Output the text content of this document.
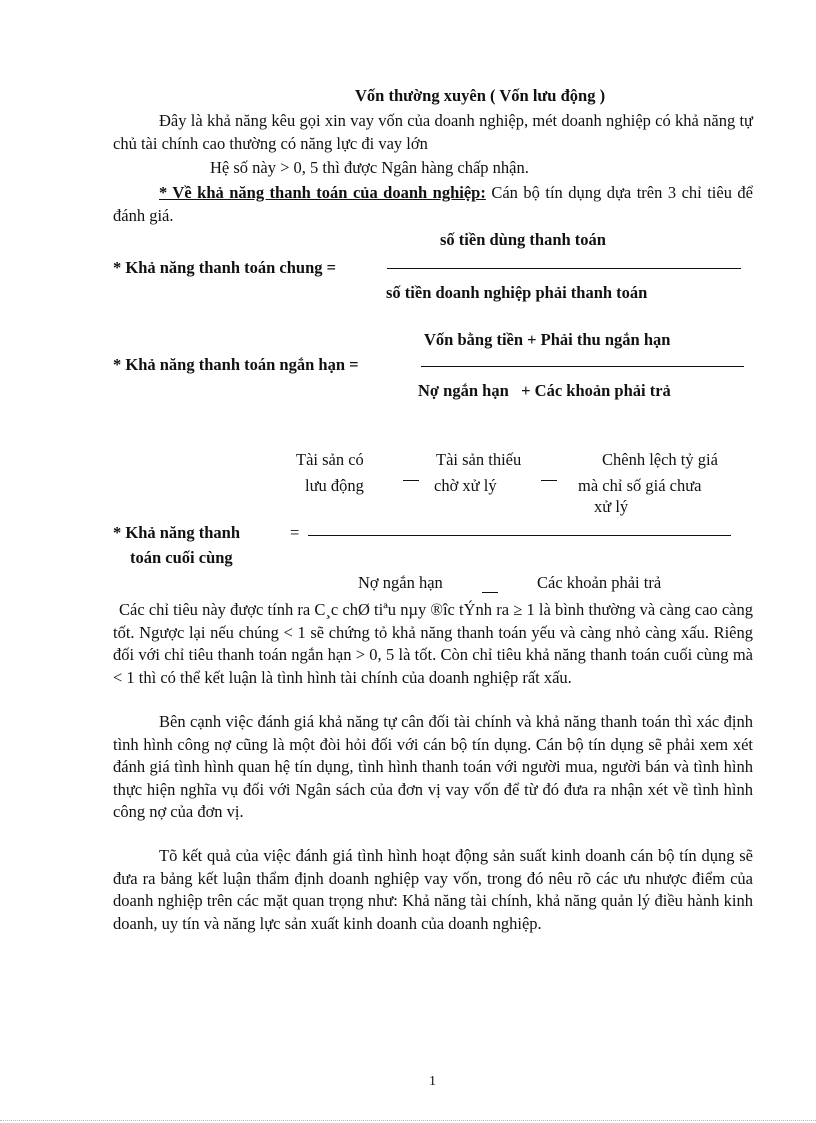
Vốn thường xuyên ( Vốn lưu động )
Đây là khả năng kêu gọi xin vay vốn của doanh nghiệp, mét doanh nghiệp có khả năng tự chủ tài chính cao thường có năng lực đi vay lớn
Hệ số này > 0, 5 thì được Ngân hàng chấp nhận.
* Về khả năng thanh toán của doanh nghiệp: Cán bộ tín dụng dựa trên 3 chỉ tiêu để đánh giá.
số tiền dùng thanh toán
* Khả năng thanh toán chung =
số tiền doanh nghiệp phải thanh toán
Vốn bằng tiền + Phải thu ngắn hạn
* Khả năng thanh toán ngắn hạn =
Nợ ngắn hạn   + Các khoản phải trả
Tài sản có
lưu động
Tài sản thiếu
chờ xử lý
Chênh lệch tỷ giá
mà chỉ số giá chưa
xử lý
* Khả năng thanh	=
toán cuối cùng
Nợ ngắn hạn	Các khoản phải trả
Các chỉ tiêu này được tính ra C¸c chØ tiªu nµy ®îc tÝnh ra ≥ 1 là bình thường và càng cao càng tốt. Ngược lại nếu chúng < 1 sẽ chứng tỏ khả năng thanh toán yếu và càng nhỏ càng xấu. Riêng đối với chỉ tiêu thanh toán ngắn hạn > 0, 5 là tốt. Còn chỉ tiêu khả năng thanh toán cuối cùng mà < 1 thì có thể kết luận là tình hình tài chính của doanh nghiệp rất xấu.
Bên cạnh việc đánh giá khả năng tự cân đối tài chính và khả năng thanh toán thì xác định tình hình công nợ cũng là một đòi hỏi đối với cán bộ tín dụng. Cán bộ tín dụng sẽ phải xem xét đánh giá tình hình quan hệ tín dụng, tình hình thanh toán với người mua, người bán và tình hình thực hiện nghĩa vụ đối với Ngân sách của đơn vị vay vốn để từ đó đưa ra nhận xét về tình hình công nợ của đơn vị.
Tõ kết quả của việc đánh giá tình hình hoạt động sản suất kinh doanh cán bộ tín dụng sẽ đưa ra bảng kết luận thẩm định doanh nghiệp vay vốn, trong đó nêu rõ các ưu nhược điểm của doanh nghiệp trên các mặt quan trọng như: Khả năng tài chính, khả năng quản lý điều hành kinh doanh, uy tín và năng lực sản xuất kinh doanh của doanh nghiệp.
1
